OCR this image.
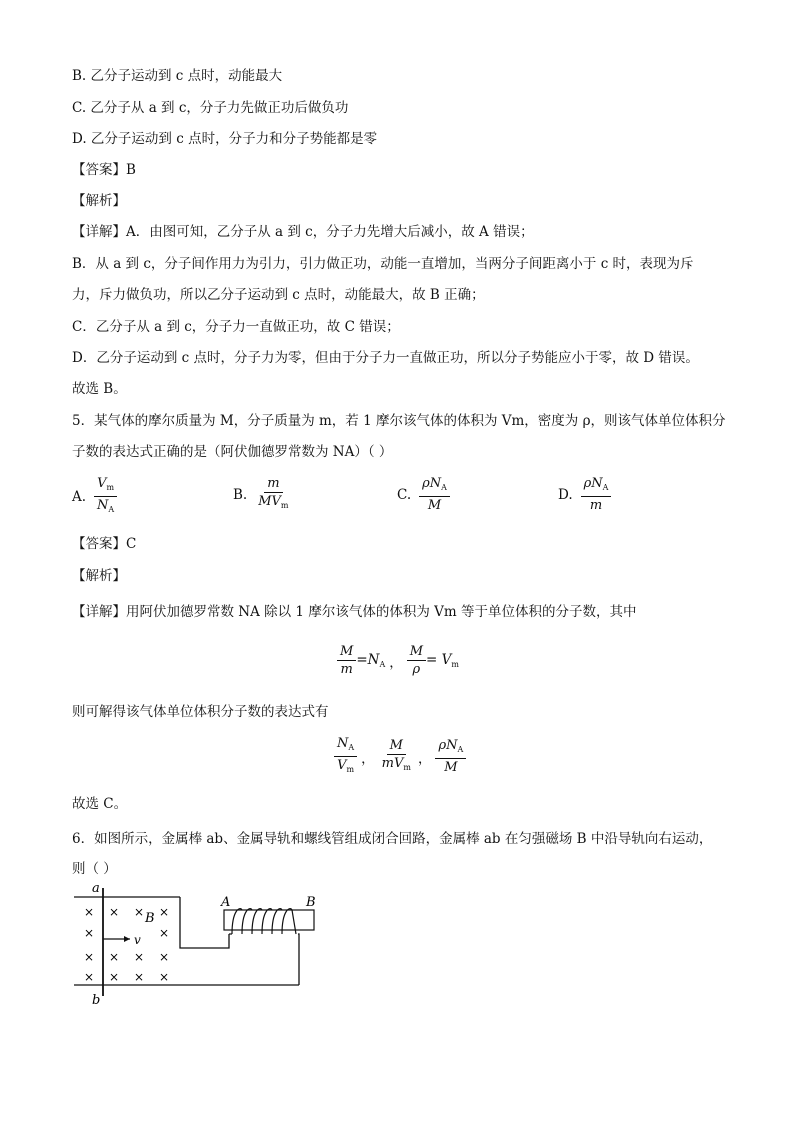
B. 乙分子运动到 c 点时，动能最大
C. 乙分子从 a 到 c，分子力先做正功后做负功
D. 乙分子运动到 c 点时，分子力和分子势能都是零
【答案】B
【解析】
【详解】A．由图可知，乙分子从 a 到 c，分子力先增大后减小，故 A 错误；
B．从 a 到 c，分子间作用力为引力，引力做正功，动能一直增加，当两分子间距离小于 c 时，表现为斥
力，斥力做负功，所以乙分子运动到 c 点时，动能最大，故 B 正确；
C．乙分子从 a 到 c，分子力一直做正功，故 C 错误；
D．乙分子运动到 c 点时，分子力为零，但由于分子力一直做正功，所以分子势能应小于零，故 D 错误。
故选 B。
5．某气体的摩尔质量为 M，分子质量为 m，若 1 摩尔该气体的体积为 Vm，密度为 ρ，则该气体单位体积分
子数的表达式正确的是（阿伏伽德罗常数为 NA）（ ）
A. $\frac{V_m}{N_A}$	B. $\frac{m}{MV_m}$	C. $\frac{\rho N_A}{M}$	D. $\frac{\rho N_A}{m}$
【答案】C
【解析】
【详解】用阿伏加德罗常数 NA 除以 1 摩尔该气体的体积为 Vm 等于单位体积的分子数，其中
$\frac{M}{m} =N_A$ ， $\frac{M}{\rho} = V_m$
则可解得该气体单位体积分子数的表达式有
$\frac{N_A}{V_m}$ ， $\frac{M}{mV_m}$ ， $\frac{\rho N_A}{M}$
故选 C。
6．如图所示，金属棒 ab、金属导轨和螺线管组成闭合回路，金属棒 ab 在匀强磁场 B 中沿导轨向右运动，
则（ ）
a
b
B
v
A	B
× × × ×
×	×
× × × ×
× × × ×
